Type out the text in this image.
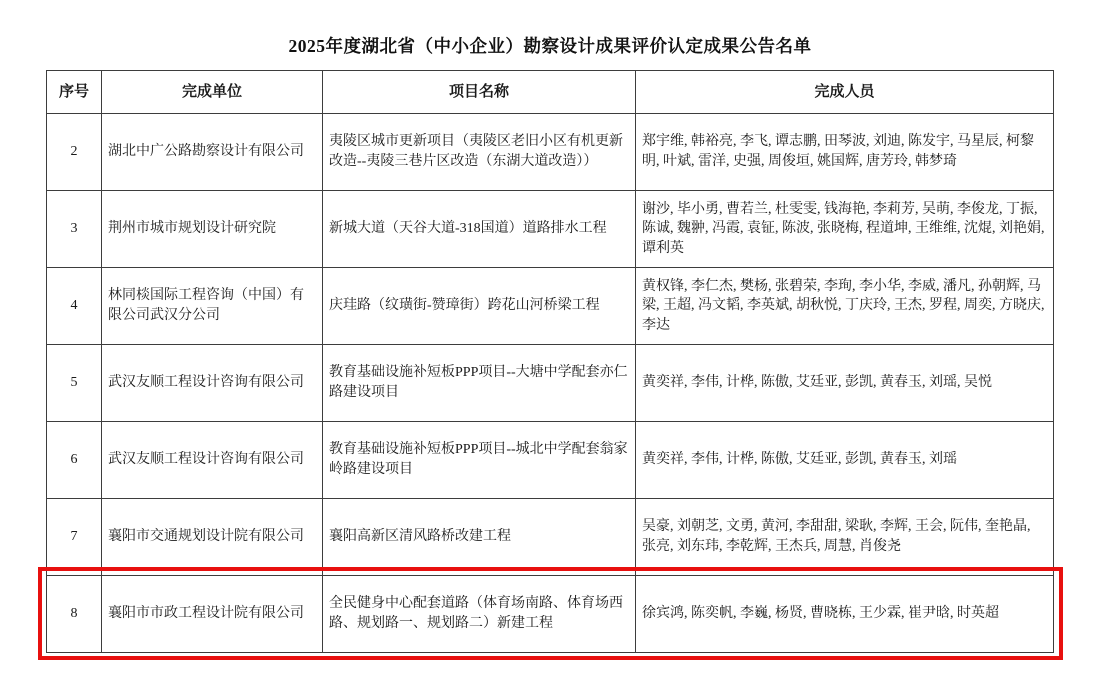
2025年度湖北省（中小企业）勘察设计成果评价认定成果公告名单
序号	完成单位	项目名称	完成人员
2	湖北中广公路勘察设计有限公司	夷陵区城市更新项目（夷陵区老旧小区有机更新改造--夷陵三巷片区改造（东湖大道改造））	郑宇维, 韩裕亮, 李飞, 谭志鹏, 田琴波, 刘迪, 陈发宇, 马星辰, 柯黎明, 叶斌, 雷洋, 史强, 周俊垣, 姚国辉, 唐芳玲, 韩梦琦
3	荆州市城市规划设计研究院	新城大道（天谷大道-318国道）道路排水工程	谢沙, 毕小勇, 曹若兰, 杜雯雯, 钱海艳, 李莉芳, 吴萌, 李俊龙, 丁振, 陈诚, 魏翀, 冯霞, 袁钲, 陈波, 张晓梅, 程道坤, 王维维, 沈焜, 刘艳娟, 谭利英
4	林同棪国际工程咨询（中国）有限公司武汉分公司	庆珪路（纹璜街-赞璋街）跨花山河桥梁工程	黄权锋, 李仁杰, 樊杨, 张碧荣, 李珣, 李小华, 李威, 潘凡, 孙朝辉, 马梁, 王超, 冯文韬, 李英斌, 胡秋悦, 丁庆玲, 王杰, 罗程, 周奕, 方晓庆, 李达
5	武汉友顺工程设计咨询有限公司	教育基础设施补短板PPP项目--大塘中学配套亦仁路建设项目	黄奕祥, 李伟, 计桦, 陈傲, 艾廷亚, 彭凯, 黄春玉, 刘瑶, 吴悦
6	武汉友顺工程设计咨询有限公司	教育基础设施补短板PPP项目--城北中学配套翁家岭路建设项目	黄奕祥, 李伟, 计桦, 陈傲, 艾廷亚, 彭凯, 黄春玉, 刘瑶
7	襄阳市交通规划设计院有限公司	襄阳高新区清风路桥改建工程	吴豪, 刘朝芝, 文勇, 黄河, 李甜甜, 梁耿, 李辉, 王会, 阮伟, 奎艳晶, 张亮, 刘东玮, 李乾辉, 王杰兵, 周慧, 肖俊尧
8	襄阳市市政工程设计院有限公司	全民健身中心配套道路（体育场南路、体育场西路、规划路一、规划路二）新建工程	徐宾鸿, 陈奕帆, 李巍, 杨贤, 曹晓栋, 王少霖, 崔尹晗, 时英超
